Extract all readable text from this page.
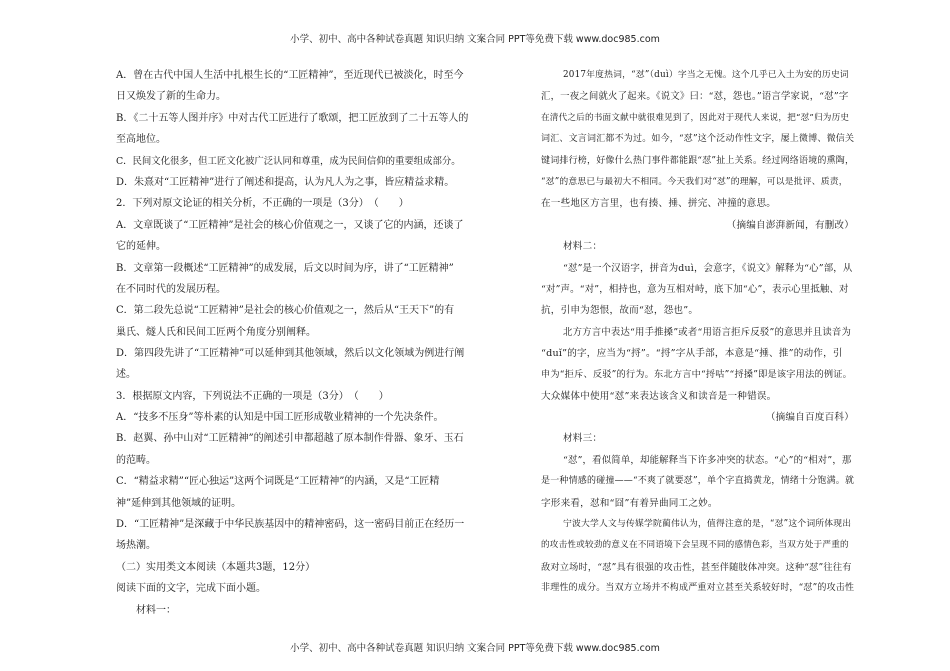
小学、初中、高中各种试卷真题 知识归纳 文案合同 PPT等免费下载 www.doc985.com
A．曾在古代中国人生活中扎根生长的“工匠精神”，至近现代已被淡化，时至今
日又焕发了新的生命力。
B．《二十五等人图并序》中对古代工匠进行了歌颂，把工匠放到了二十五等人的
至高地位。
C．民间文化很多，但工匠文化被广泛认同和尊重，成为民间信仰的重要组成部分。
D．朱熹对“工匠精神”进行了阐述和提高，认为凡人为之事，皆应精益求精。
2．下列对原文论证的相关分析，不正确的一项是（3分）　（　　）
A．文章既谈了“工匠精神”是社会的核心价值观之一，又谈了它的内涵，还谈了
它的延伸。
B．文章第一段概述“工匠精神”的成发展，后文以时间为序，讲了“工匠精神”
在不同时代的发展历程。
C．第二段先总说“工匠精神”是社会的核心价值观之一，然后从“王天下”的有
巢氏、燧人氏和民间工匠两个角度分别阐释。
D．第四段先讲了“工匠精神”可以延伸到其他领域，然后以文化领域为例进行阐
述。
3．根据原文内容，下列说法不正确的一项是（3分）　（　　）
A．“技多不压身”等朴素的认知是中国工匠形成敬业精神的一个先决条件。
B．赵翼、孙中山对“工匠精神”的阐述引申都超越了原本制作骨器、象牙、玉石
的范畴。
C．“精益求精”“匠心独运”这两个词既是“工匠精神”的内涵，又是“工匠精
神”延伸到其他领域的证明。
D．“工匠精神”是深藏于中华民族基因中的精神密码，这一密码目前正在经历一
场热潮。
（二）实用类文本阅读（本题共3题，12分）
阅读下面的文字，完成下面小题。
材料一：
2017年度热词，“怼”（duì）字当之无愧。这个几乎已入土为安的历史词
汇，一夜之间就火了起来。《说文》曰：“怼，怨也。”语言学家说，“怼”字
在清代之后的书面文献中就很难见到了，因此对于现代人来说，把“怼”归为历史
词汇、文言词汇都不为过。如今，“怼”这个泛动作性文字，屡上微博、微信关
键词排行榜，好像什么热门事件都能跟“怼”扯上关系。经过网络语境的熏陶，
“怼”的意思已与最初大不相同。今天我们对“怼”的理解，可以是批评、质责，
在一些地区方言里，也有揍、捶、拼完、冲撞的意思。
（摘编自澎湃新闻，有删改）
材料二：
“怼”是一个汉语字，拼音为duì，会意字，《说文》解释为“心”部，从
“对”声。“对”，相持也，意为互相对峙，底下加“心”，表示心里抵触、对
抗，引申为怨恨，故而“怼，怨也”。
北方方言中表达“用手推搡”或者“用语言拒斥反驳”的意思并且读音为
“duǐ”的字，应当为“捋”。“捋”字从手部，本意是“捶、推”的动作，引
申为“拒斥、反驳”的行为。东北方言中“捋咕”“捋搡”即是该字用法的例证。
大众媒体中使用“怼”来表达该含义和读音是一种错误。
（摘编自百度百科）
材料三：
“怼”，看似简单，却能解释当下许多冲突的状态。“心”的“相对”，那
是一种情感的碰撞——“不爽了就要怼”，单个字直捣黄龙，情绪十分饱满。就
字形来看，怼和“囧”有着异曲同工之妙。
宁波大学人文与传媒学院蔺伟认为，值得注意的是，“怼”这个词所体现出
的攻击性或较劲的意义在不同语境下会呈现不同的感情色彩，当双方处于严重的
敌对立场时，“怼”具有很强的攻击性，甚至伴随肢体冲突。这种“怼”往往有
非理性的成分。当双方立场并不构成严重对立甚至关系较好时，“怼”的攻击性
小学、初中、高中各种试卷真题 知识归纳 文案合同 PPT等免费下载 www.doc985.com
